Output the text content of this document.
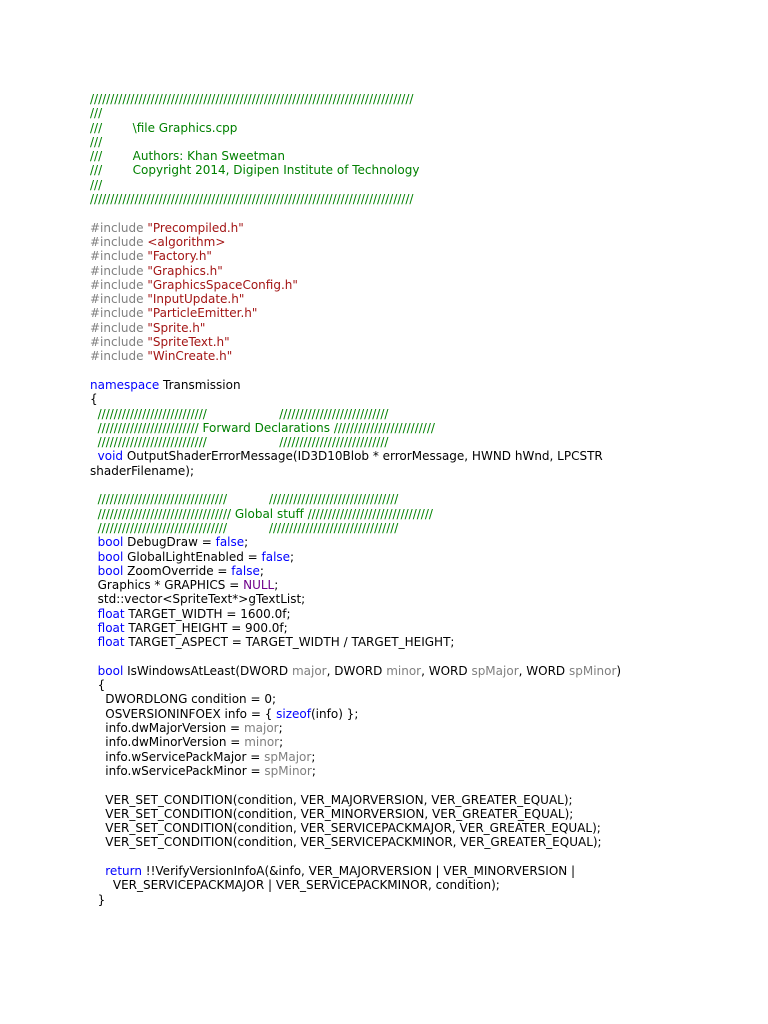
////////////////////////////////////////////////////////////////////////////////
///
///        \file Graphics.cpp
///
///        Authors: Khan Sweetman
///        Copyright 2014, Digipen Institute of Technology
///
////////////////////////////////////////////////////////////////////////////////

#include "Precompiled.h"
#include <algorithm>
#include "Factory.h"
#include "Graphics.h"
#include "GraphicsSpaceConfig.h"
#include "InputUpdate.h"
#include "ParticleEmitter.h"
#include "Sprite.h"
#include "SpriteText.h"
#include "WinCreate.h"

namespace Transmission
{
///////////////////////////                   ///////////////////////////
///////////////////////// Forward Declarations /////////////////////////
///////////////////////////                   ///////////////////////////
void OutputShaderErrorMessage(ID3D10Blob * errorMessage, HWND hWnd, LPCSTR
shaderFilename);

////////////////////////////////           ////////////////////////////////
///////////////////////////////// Global stuff ///////////////////////////////
////////////////////////////////           ////////////////////////////////
bool DebugDraw = false;
bool GlobalLightEnabled = false;
bool ZoomOverride = false;
Graphics * GRAPHICS = NULL;
std::vector<SpriteText*>gTextList;
float TARGET_WIDTH = 1600.0f;
float TARGET_HEIGHT = 900.0f;
float TARGET_ASPECT = TARGET_WIDTH / TARGET_HEIGHT;

bool IsWindowsAtLeast(DWORD major, DWORD minor, WORD spMajor, WORD spMinor)
{
DWORDLONG condition = 0;
OSVERSIONINFOEX info = { sizeof(info) };
info.dwMajorVersion = major;
info.dwMinorVersion = minor;
info.wServicePackMajor = spMajor;
info.wServicePackMinor = spMinor;

VER_SET_CONDITION(condition, VER_MAJORVERSION, VER_GREATER_EQUAL);
VER_SET_CONDITION(condition, VER_MINORVERSION, VER_GREATER_EQUAL);
VER_SET_CONDITION(condition, VER_SERVICEPACKMAJOR, VER_GREATER_EQUAL);
VER_SET_CONDITION(condition, VER_SERVICEPACKMINOR, VER_GREATER_EQUAL);

return !!VerifyVersionInfoA(&info, VER_MAJORVERSION | VER_MINORVERSION |
VER_SERVICEPACKMAJOR | VER_SERVICEPACKMINOR, condition);
}
